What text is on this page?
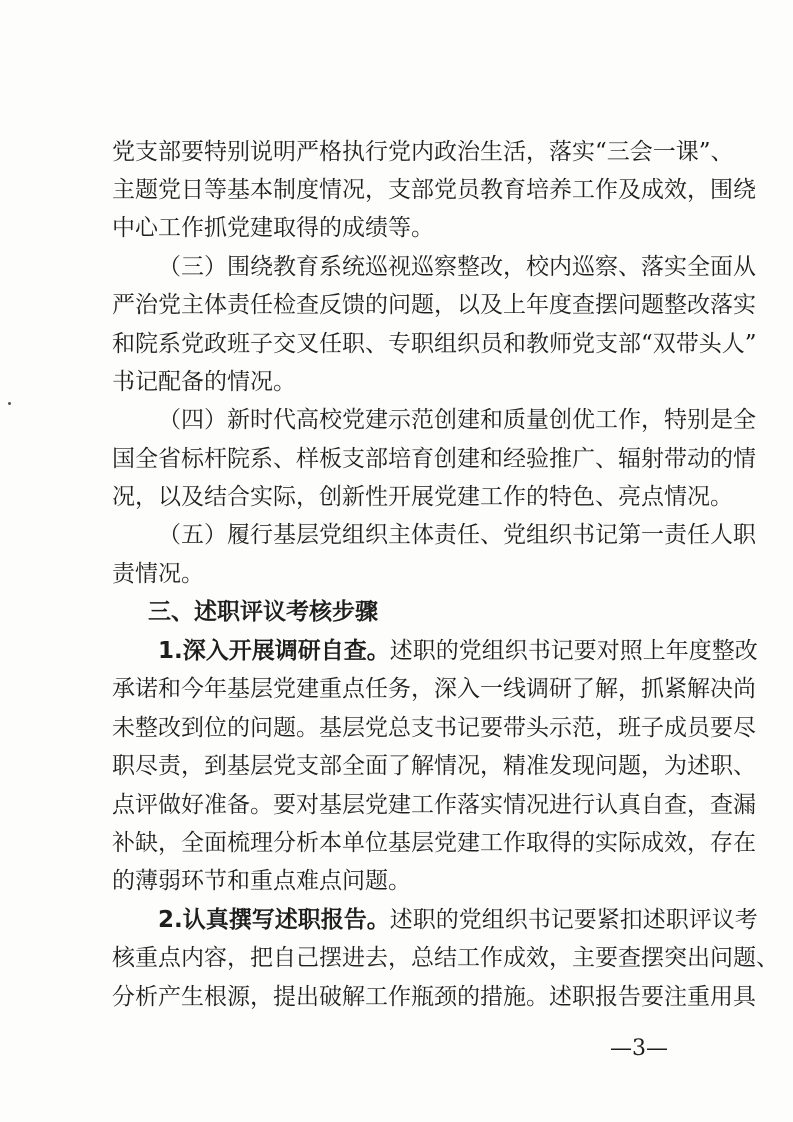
党支部要特别说明严格执行党内政治生活，落实“三会一课”、
主题党日等基本制度情况，支部党员教育培养工作及成效，围绕
中心工作抓党建取得的成绩等。
（三）围绕教育系统巡视巡察整改，校内巡察、落实全面从
严治党主体责任检查反馈的问题，以及上年度查摆问题整改落实
和院系党政班子交叉任职、专职组织员和教师党支部“双带头人”
书记配备的情况。
（四）新时代高校党建示范创建和质量创优工作，特别是全
国全省标杆院系、样板支部培育创建和经验推广、辐射带动的情
况，以及结合实际，创新性开展党建工作的特色、亮点情况。
（五）履行基层党组织主体责任、党组织书记第一责任人职
责情况。
三、述职评议考核步骤
1.深入开展调研自查。述职的党组织书记要对照上年度整改
承诺和今年基层党建重点任务，深入一线调研了解，抓紧解决尚
未整改到位的问题。基层党总支书记要带头示范，班子成员要尽
职尽责，到基层党支部全面了解情况，精准发现问题，为述职、
点评做好准备。要对基层党建工作落实情况进行认真自查，查漏
补缺，全面梳理分析本单位基层党建工作取得的实际成效，存在
的薄弱环节和重点难点问题。
2.认真撰写述职报告。述职的党组织书记要紧扣述职评议考
核重点内容，把自己摆进去，总结工作成效，主要查摆突出问题、
分析产生根源，提出破解工作瓶颈的措施。述职报告要注重用具
—3—
